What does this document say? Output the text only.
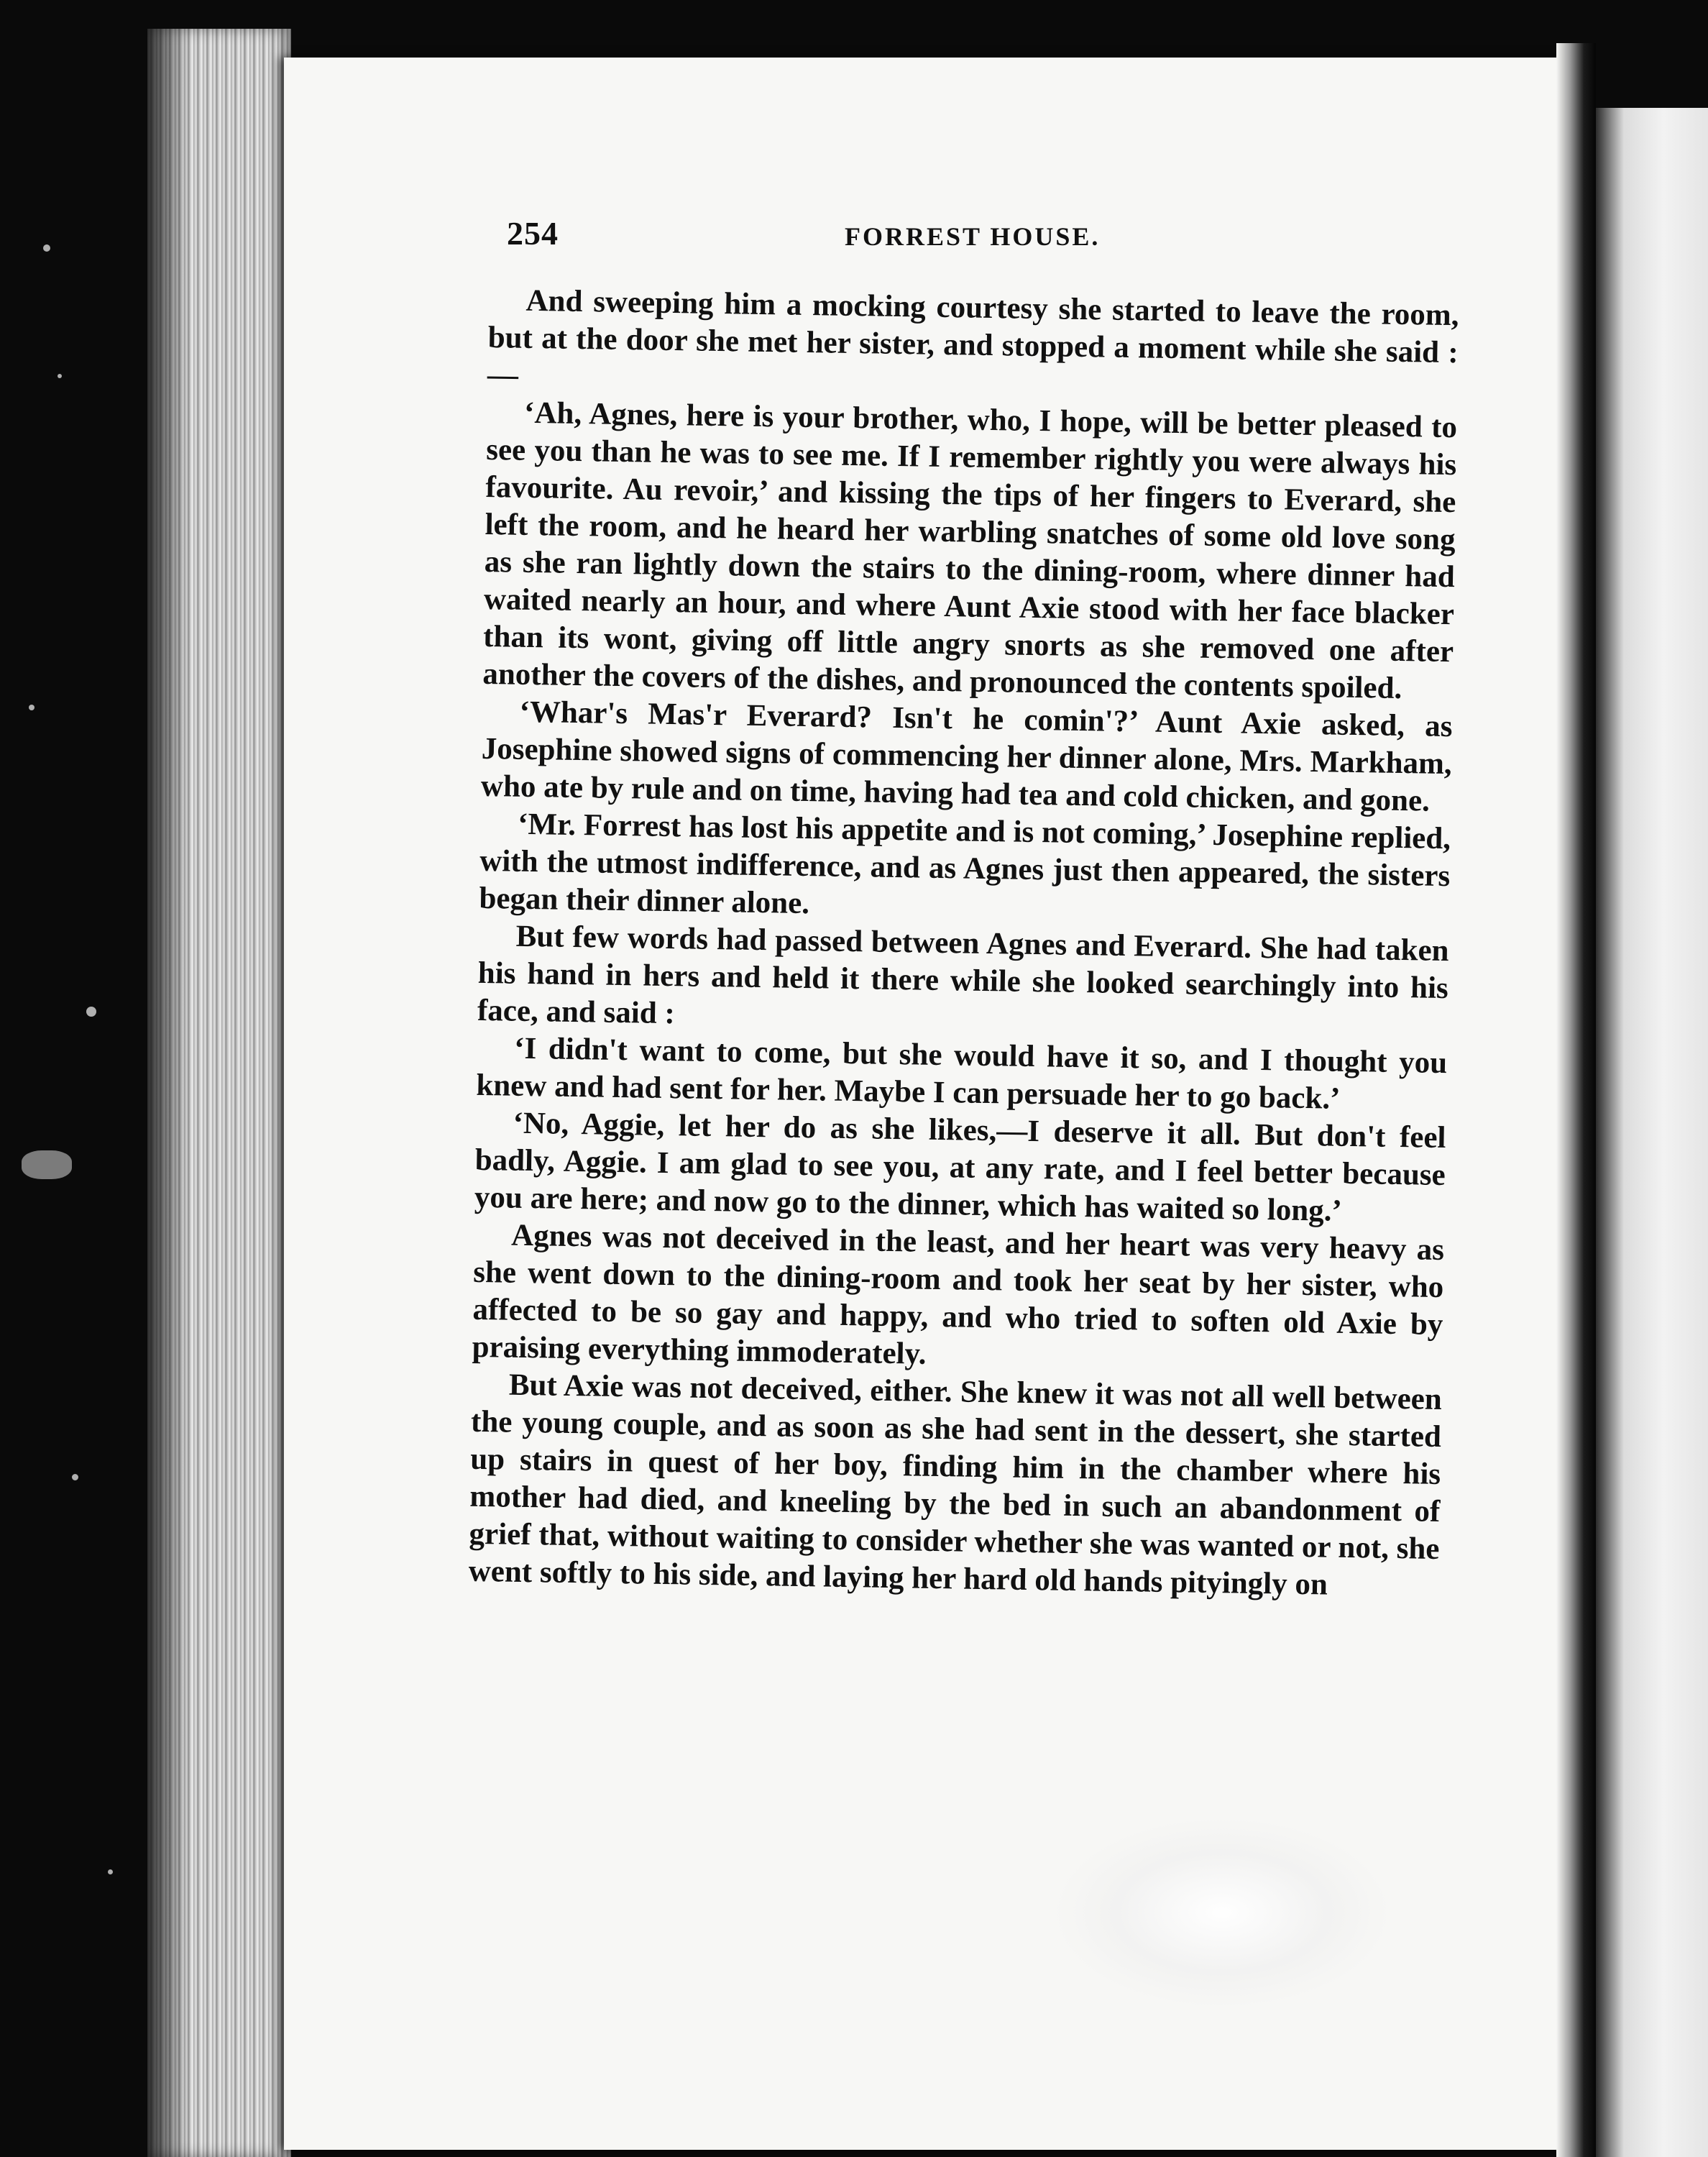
254	FORREST HOUSE.

And sweeping him a mocking courtesy she started to leave the room, but at the door she met her sister, and stopped a moment while she said :—

‘Ah, Agnes, here is your brother, who, I hope, will be better pleased to see you than he was to see me. If I remember rightly you were always his favourite. Au revoir,’ and kissing the tips of her fingers to Everard, she left the room, and he heard her warbling snatches of some old love song as she ran lightly down the stairs to the dining-room, where dinner had waited nearly an hour, and where Aunt Axie stood with her face blacker than its wont, giving off little angry snorts as she removed one after another the covers of the dishes, and pronounced the contents spoiled.

‘Whar's Mas'r Everard? Isn't he comin'?’ Aunt Axie asked, as Josephine showed signs of commencing her dinner alone, Mrs. Markham, who ate by rule and on time, having had tea and cold chicken, and gone.

‘Mr. Forrest has lost his appetite and is not coming,’ Josephine replied, with the utmost indifference, and as Agnes just then appeared, the sisters began their dinner alone.

But few words had passed between Agnes and Everard. She had taken his hand in hers and held it there while she looked searchingly into his face, and said :

‘I didn't want to come, but she would have it so, and I thought you knew and had sent for her. Maybe I can persuade her to go back.’

‘No, Aggie, let her do as she likes,—I deserve it all. But don't feel badly, Aggie. I am glad to see you, at any rate, and I feel better because you are here; and now go to the dinner, which has waited so long.’

Agnes was not deceived in the least, and her heart was very heavy as she went down to the dining-room and took her seat by her sister, who affected to be so gay and happy, and who tried to soften old Axie by praising everything immoderately.

But Axie was not deceived, either. She knew it was not all well between the young couple, and as soon as she had sent in the dessert, she started up stairs in quest of her boy, finding him in the chamber where his mother had died, and kneeling by the bed in such an abandonment of grief that, without waiting to consider whether she was wanted or not, she went softly to his side, and laying her hard old hands pityingly on
